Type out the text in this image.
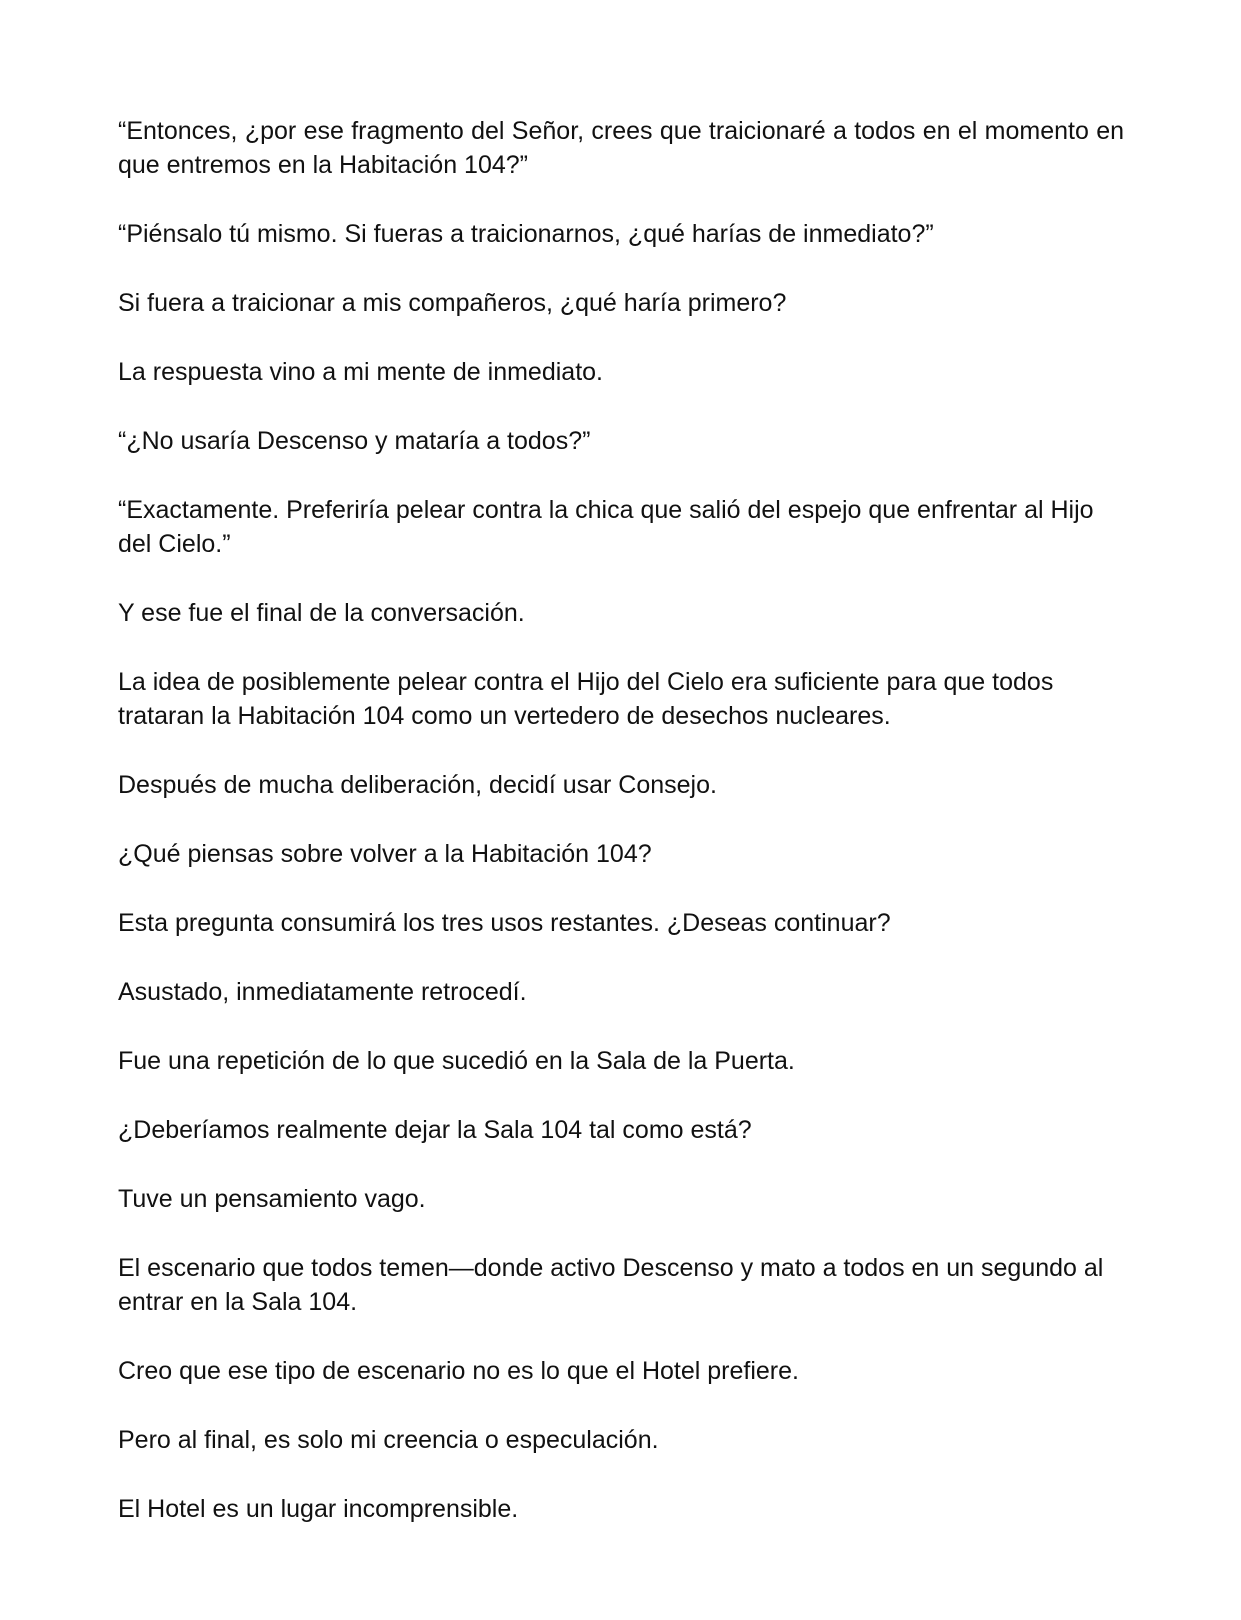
“Entonces, ¿por ese fragmento del Señor, crees que traicionaré a todos en el momento en que entremos en la Habitación 104?”

“Piénsalo tú mismo. Si fueras a traicionarnos, ¿qué harías de inmediato?”

Si fuera a traicionar a mis compañeros, ¿qué haría primero?

La respuesta vino a mi mente de inmediato.

“¿No usaría Descenso y mataría a todos?”

“Exactamente. Preferiría pelear contra la chica que salió del espejo que enfrentar al Hijo del Cielo.”

Y ese fue el final de la conversación.

La idea de posiblemente pelear contra el Hijo del Cielo era suficiente para que todos trataran la Habitación 104 como un vertedero de desechos nucleares.

Después de mucha deliberación, decidí usar Consejo.

¿Qué piensas sobre volver a la Habitación 104?

Esta pregunta consumirá los tres usos restantes. ¿Deseas continuar?

Asustado, inmediatamente retrocedí.

Fue una repetición de lo que sucedió en la Sala de la Puerta.

¿Deberíamos realmente dejar la Sala 104 tal como está?

Tuve un pensamiento vago.

El escenario que todos temen—donde activo Descenso y mato a todos en un segundo al entrar en la Sala 104.

Creo que ese tipo de escenario no es lo que el Hotel prefiere.

Pero al final, es solo mi creencia o especulación.

El Hotel es un lugar incomprensible.
